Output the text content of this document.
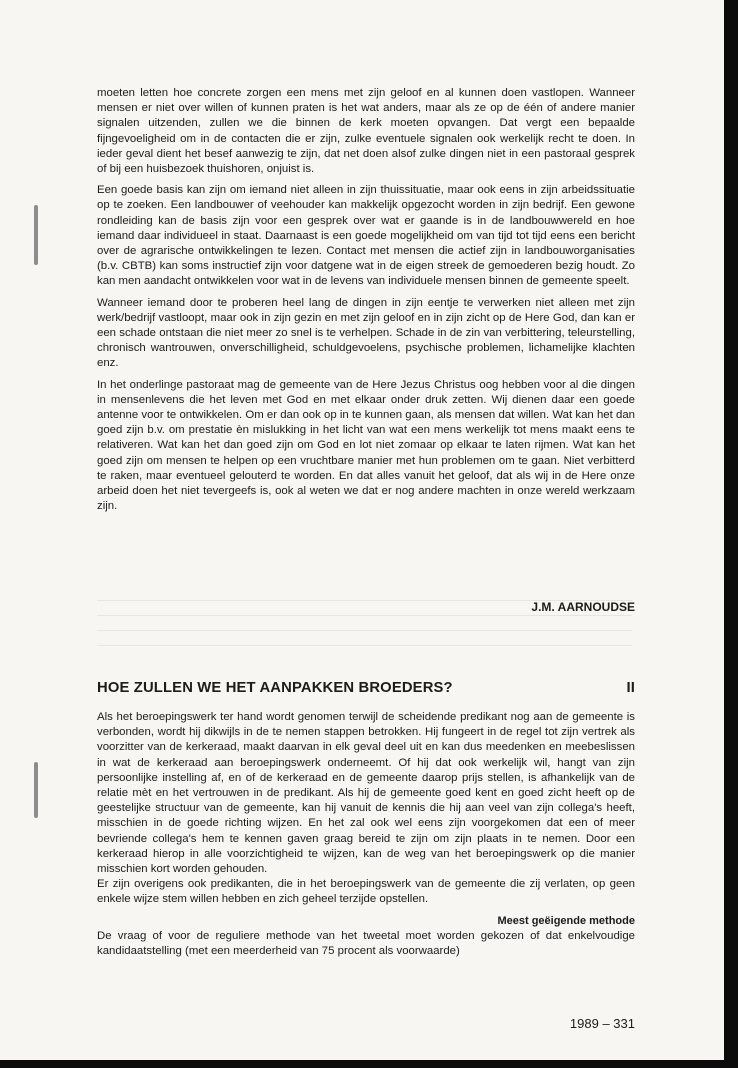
moeten letten hoe concrete zorgen een mens met zijn geloof en al kunnen doen vastlopen. Wanneer mensen er niet over willen of kunnen praten is het wat anders, maar als ze op de één of andere manier signalen uitzenden, zullen we die binnen de kerk moeten opvangen. Dat vergt een bepaalde fijngevoeligheid om in de contacten die er zijn, zulke eventuele signalen ook werkelijk recht te doen. In ieder geval dient het besef aanwezig te zijn, dat net doen alsof zulke dingen niet in een pastoraal gesprek of bij een huisbezoek thuishoren, onjuist is.

Een goede basis kan zijn om iemand niet alleen in zijn thuissituatie, maar ook eens in zijn arbeidssituatie op te zoeken. Een landbouwer of veehouder kan makkelijk opgezocht worden in zijn bedrijf. Een gewone rondleiding kan de basis zijn voor een gesprek over wat er gaande is in de landbouwwereld en hoe iemand daar individueel in staat. Daarnaast is een goede mogelijkheid om van tijd tot tijd eens een bericht over de agrarische ontwikkelingen te lezen. Contact met mensen die actief zijn in landbouworganisaties (b.v. CBTB) kan soms instructief zijn voor datgene wat in de eigen streek de gemoederen bezig houdt. Zo kan men aandacht ontwikkelen voor wat in de levens van individuele mensen binnen de gemeente speelt.

Wanneer iemand door te proberen heel lang de dingen in zijn eentje te verwerken niet alleen met zijn werk/bedrijf vastloopt, maar ook in zijn gezin en met zijn geloof en in zijn zicht op de Here God, dan kan er een schade ontstaan die niet meer zo snel is te verhelpen. Schade in de zin van verbittering, teleurstelling, chronisch wantrouwen, onverschilligheid, schuldgevoelens, psychische problemen, lichamelijke klachten enz.

In het onderlinge pastoraat mag de gemeente van de Here Jezus Christus oog hebben voor al die dingen in mensenlevens die het leven met God en met elkaar onder druk zetten. Wij dienen daar een goede antenne voor te ontwikkelen. Om er dan ook op in te kunnen gaan, als mensen dat willen. Wat kan het dan goed zijn b.v. om prestatie èn mislukking in het licht van wat een mens werkelijk tot mens maakt eens te relativeren. Wat kan het dan goed zijn om God en lot niet zomaar op elkaar te laten rijmen. Wat kan het goed zijn om mensen te helpen op een vruchtbare manier met hun problemen om te gaan. Niet verbitterd te raken, maar eventueel gelouterd te worden. En dat alles vanuit het geloof, dat als wij in de Here onze arbeid doen het niet tevergeefs is, ook al weten we dat er nog andere machten in onze wereld werkzaam zijn.

J.M. AARNOUDSE
HOE ZULLEN WE HET AANPAKKEN BROEDERS?	II

Als het beroepingswerk ter hand wordt genomen terwijl de scheidende predikant nog aan de gemeente is verbonden, wordt hij dikwijls in de te nemen stappen betrokken. Hij fungeert in de regel tot zijn vertrek als voorzitter van de kerkeraad, maakt daarvan in elk geval deel uit en kan dus meedenken en meebeslissen in wat de kerkeraad aan beroepingswerk onderneemt. Of hij dat ook werkelijk wil, hangt van zijn persoonlijke instelling af, en of de kerkeraad en de gemeente daarop prijs stellen, is afhankelijk van de relatie mèt en het vertrouwen in de predikant. Als hij de gemeente goed kent en goed zicht heeft op de geestelijke structuur van de gemeente, kan hij vanuit de kennis die hij aan veel van zijn collega's heeft, misschien in de goede richting wijzen. En het zal ook wel eens zijn voorgekomen dat een of meer bevriende collega's hem te kennen gaven graag bereid te zijn om zijn plaats in te nemen. Door een kerkeraad hierop in alle voorzichtigheid te wijzen, kan de weg van het beroepingswerk op die manier misschien kort worden gehouden.

Er zijn overigens ook predikanten, die in het beroepingswerk van de gemeente die zij verlaten, op geen enkele wijze stem willen hebben en zich geheel terzijde opstellen.

Meest geëigende methode

De vraag of voor de reguliere methode van het tweetal moet worden gekozen of dat enkelvoudige kandidaatstelling (met een meerderheid van 75 procent als voorwaarde)

1989 – 331
